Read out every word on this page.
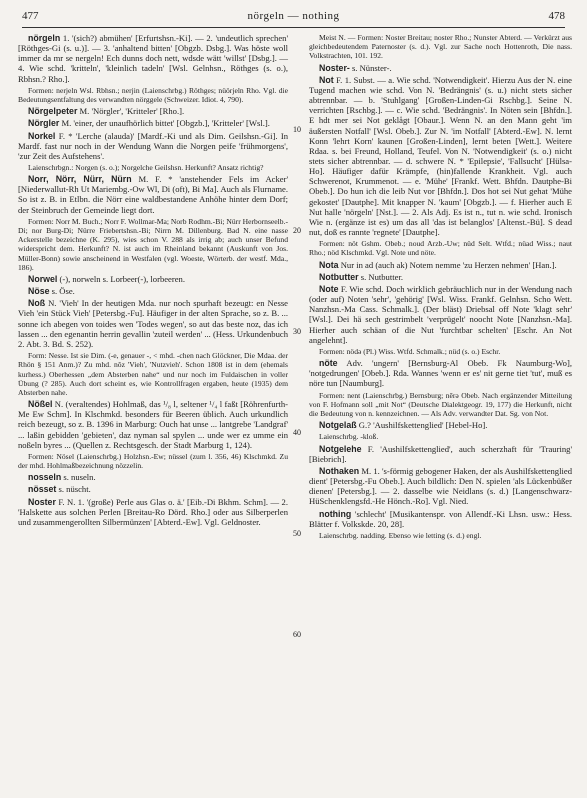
477	nörgeln — nothing	478

nörgeln 1. '(sich?) abmühen' [Erfurtshsn.-Ki]. — 2. 'undeutlich sprechen' [Röthges-Gi (s. u.)]. — 3. 'anhaltend bitten' [Obgzb. Dsbg.]. Was höste woll immer da mr se nergeln! Ech dunns doch nett, wdsde wätt 'willst' [Dsbg.]. — 4. Wie schd. 'kritteln', 'kleinlich tadeln' [Wsl. Gelnhsn., Röthges (s. o.), Rbhsn.? Rho.].

Formen: nerjeln Wsl. Rbhsn.; nerjin (Laienschrbg.) Röthges; nüörjeln Rho. Vgl. die Bedeutungsentfaltung des verwandten nörggele (Schweizer. Idiot. 4, 790).

Nörgelpeter M. 'Nörgler', 'Kritteler' [Rho.].

Nörgler M. 'einer, der unaufhörlich bittet' [Obgzb.], 'Kritteler' [Wsl.].

Norkel F. * 'Lerche (alauda)' [Mardf.-Ki und als Dim. Geilshsn.-Gi]. In Mardf. fast nur noch in der Wendung Wann die Norgen peife 'frühmorgens', 'zur Zeit des Aufstehens'.

Laienschrbgn.: Norgen (s. o.); Norgelche Geilshsn. Herkunft? Ansatz richtig?

Norr, Nörr, Nürr, Nürn M. F. * 'anstehender Fels im Acker' [Niederwallut-Rh Ut Mariembg.-Ow Wl, Di (oft), Bi Ma]. Auch als Flurname. So ist z. B. in Etlbn. die Nörr eine waldbestandene Anhöhe hinter dem Dorf; der Steinbruch der Gemeinde liegt dort.

Formen: Norr M. Buch.; Norr F. Wollmar-Ma; Norb Rodhm.-Bi; Nürr Herbornseelb.-Di; nor Burg-Di; Nürre Friebertshsn.-Bi; Nirrn M. Dillenburg. Bad N. eine nasse Ackerstelle bezeichne (K. 295), wies schon V. 288 als irrig ab; auch unser Befund widerspricht dem. Herkunft? N. ist auch im Rheinland bekannt (Auskunft von Jos. Müller-Bonn) sowie anscheinend in Westfalen (vgl. Woeste, Wörterb. der westf. Mda., 186).

Norwel (-), norweln s. Lorbeer(-), lorbeeren.

Nöse s. Öse.

Noß N. 'Vieh' In der heutigen Mda. nur noch spurhaft bezeugt: en Nesse Vieh 'ein Stück Vieh' [Petersbg.-Fu]. Häufiger in der alten Sprache, so z. B. ... sonne ich abegen von toides wen 'Todes wegen', so aut das beste noz, das ich lassen ... den egenantin herrin gevallin 'zuteil werden' ... (Hess. Urkundenbuch 2. Abt. 3. Bd. S. 252).

Form: Nesse. Ist sie Dim. (-e, genauer -, < mhd. -chen nach Glöckner, Die Mdaa. der Rhön § 151 Anm.)? Zu mhd. nôz 'Vieh', 'Nutzvieh'. Schon 1808 ist in dem (ehemals kurhess.) Oberhessen „dem Absterben nahe“ und nur noch im Fuldaischen in voller Übung (? 285). Auch dort scheint es, wie Kontrollfragen ergaben, heute (1935) dem Absterben nahe.

Nößel N. (veraltendes) Hohlmaß, das ¹/₈ l, seltener ¹/₄ l faßt [Röhrenfurth-Me Ew Schm]. In Klschmkd. besonders für Beeren üblich. Auch urkundlich reich bezeugt, so z. B. 1396 in Marburg: Ouch hat unse ... lantgrebe 'Landgraf' ... laßin gebidden 'gebieten', daz nyman sal spylen ... unde wer ez umme ein noßeln byres ... (Quellen z. Rechtsgesch. der Stadt Marburg 1, 124).

Formen: Nösel (Laienschrbg.) Holzhsn.-Ew; nüssel (zum l. 356, 46) Klschmkd. Zu der mhd. Hohlmaßbezeichnung nözzelin.

nosseln s. nuseln.

nösset s. nüscht.

Noster F. N. 1. '(große) Perle aus Glas o. ä.' [Eib.-Di Bkhm. Schm]. — 2. 'Halskette aus solchen Perlen [Breitau-Ro Dörd. Rho.] oder aus Silberperlen und zusammengerollten Silbermünzen' [Abterd.-Ew]. Vgl. Geldnoster.

Meist N. — Formen: Noster Breitau; noster Rho.; Nunster Abterd. — Verkürzt aus gleichbedeutendem Paternoster (s. d.). Vgl. zur Sache noch Hottenroth, Die nass. Volkstrachten, 101. 192.

Noster- s. Nünster-.

Not F. 1. Subst. — a. Wie schd. 'Notwendigkeit'. Hierzu Aus der N. eine Tugend machen wie schd. Von N. 'Bedrängnis' (s. u.) nicht stets sicher abtrennbar. — b. 'Stuhlgang' [Großen-Linden-Gi Rschbg.]. Seine N. verrichten [Rschbg.]. — c. Wie schd. 'Bedrängnis'. In Nöten sein [Bhfdn.]. E hdt mer sei Not geklågt [Obaur.]. Wenn N. an den Mann geht 'im äußersten Notfall' [Wsl. Obeb.]. Zur N. 'im Notfall' [Abterd.-Ew]. N. lernt Konn 'lehrt Korn' kaunen [Großen-Linden], lernt beten [Wett.]. Weitere Rdaa. s. bei Freund, Holland, Teufel. Von N. 'Notwendigkeit' (s. o.) nicht stets sicher abtrennbar. — d. schwere N. * 'Epilepsie', 'Fallsucht' [Hülsa-Ho]. Häufiger dafür Krämpfe, (hin)fallende Krankheit. Vgl. auch Schwerenot, Krummenot. — e. 'Mühe' [Frankf. Wett. Bhfdn. Dautphe-Bi Obeb.]. Do hun ich die leib Nut vor [Bhfdn.]. Dos hot sei Nut gehat 'Mühe gekostet' [Dautphe]. Mit knapper N. 'kaum' [Obgzb.]. — f. Hierher auch E Nut halle 'nörgeln' [Nst.]. — 2. Als Adj. Es ist n., tut n. wie schd. Ironisch Wie n. (ergänze ist es) um das all 'das ist belanglos' [Altenst.-Bü]. S dead nut, doß es rannte 'regnete' [Dautphe].

Formen: nöt Gshm. Obeb.; noud Arzb.-Uw; nüd Selt. Wtfd.; nüad Wiss.; naut Rho.; nöd Klschmkd. Vgl. Note und nöte.

Nota Nur in ad (auch ak) Notem nemme 'zu Herzen nehmen' [Han.].

Notbutter s. Nutbutter.

Note F. Wie schd. Doch wirklich gebräuchlich nur in der Wendung nach (oder auf) Noten 'sehr', 'gehörig' [Wsl. Wiss. Frankf. Gelnhsn. Scho Wett. Nanzhsn.-Ma Cass. Schmalk.]. (Der bläst) Driebsal off Note 'klagt sehr' [Wsl.]. Dei hä sech gestrimbelt 'verprügelt' noocht Note [Nanzhsn.-Ma]. Hierher auch schäan of die Nut 'furchtbar schelten' [Eschr. An Not angelehnt].

Formen: nödə (Pl.) Wiss. Wtfd. Schmalk.; nüd (s. o.) Eschr.

nöte Adv. 'ungern' [Bernsburg-Al Obeb. Fk Naumburg-Wo], 'notgedrungen' [Obeb.]. Rda. Wannes 'wenn er es' nit gerne tiet 'tut', muß es nöre tun [Naumburg].

Formen: nent (Laienschrbg.) Bernsburg; nērə Obeb. Nach ergänzender Mitteilung von F. Hofmann soll „mit Not“ (Deutsche Dialektgeogr. 19, 177) die Herkunft, nicht die Bedeutung von n. kennzeichnen. — Als Adv. verwandter Dat. Sg. von Not.

Notgelaß G.? 'Aushilfskettenglied' [Hebel-Ho].

Laienschrbg. -kloß.

Notgelehe F. 'Aushilfskettenglied', auch scherzhaft für 'Trauring' [Biebrich].

Nothaken M. 1. 's-förmig gebogener Haken, der als Aushilfskettenglied dient' [Petersbg.-Fu Obeb.]. Auch bildlich: Den N. spielen 'als Lückenbüßer dienen' [Petersbg.]. — 2. dasselbe wie Neidlans (s. d.) [Langenschwarz-HüSchenklengsfd.-He Hönch.-Ro]. Vgl. Nied.

nothing 'schlecht' [Musikantenspr. von Allendf.-Ki Lhsn. usw.: Hess. Blätter f. Volkskde. 20, 28].

Laienschrbg. nadding. Ebenso wie letting (s. d.) engl.

10
20
30
40
50
60
